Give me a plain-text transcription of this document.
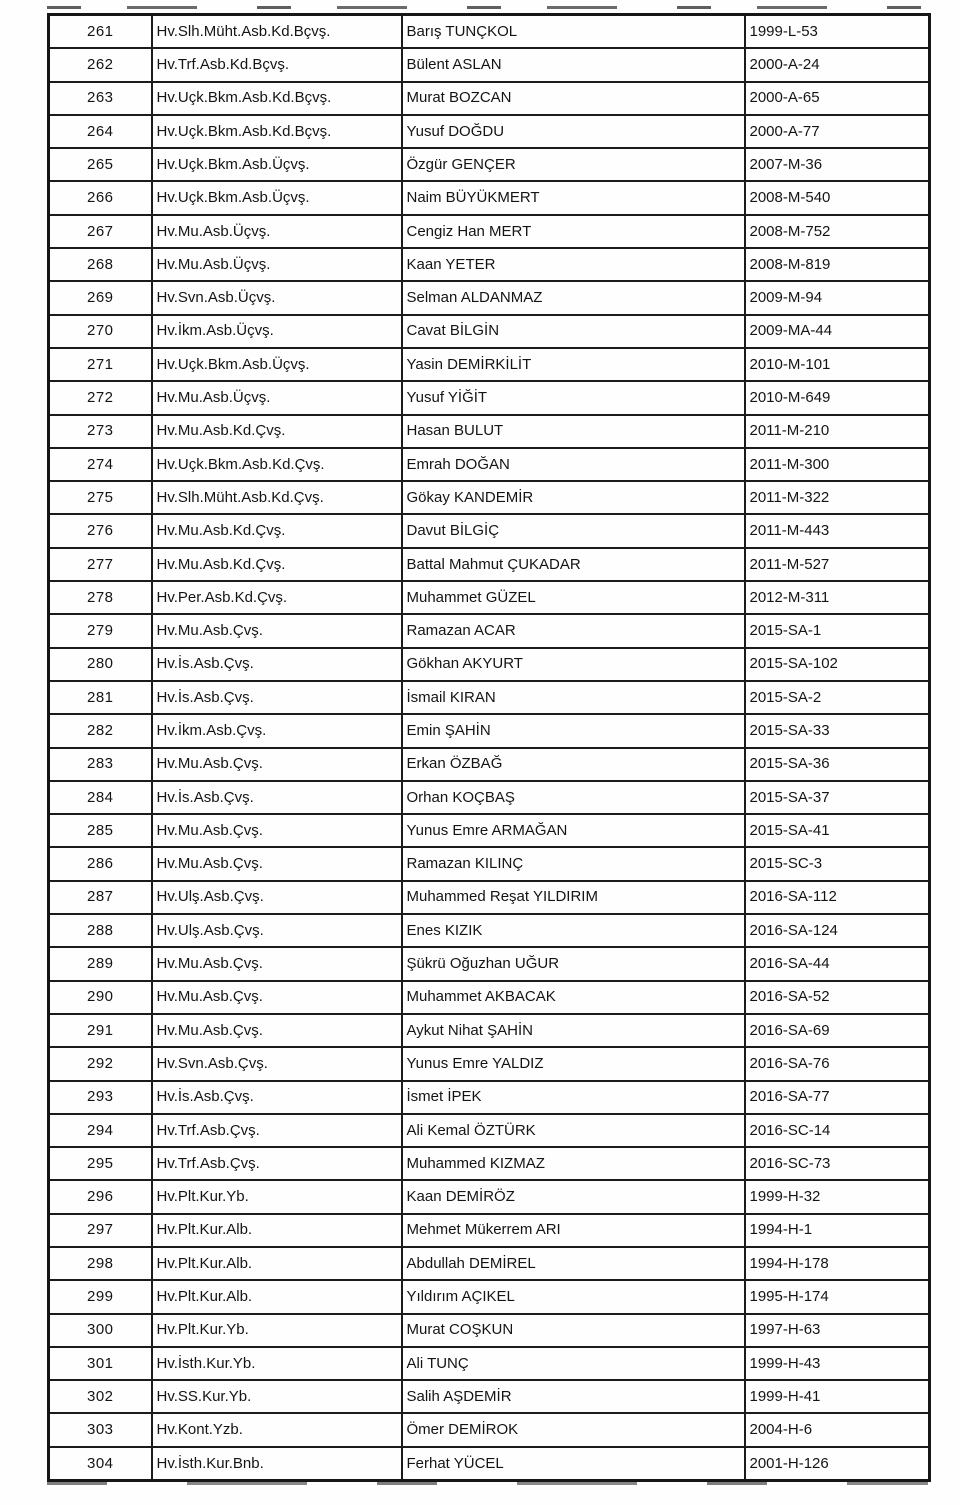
261	Hv.Slh.Müht.Asb.Kd.Bçvş.	Barış TUNÇKOL	1999-L-53
262	Hv.Trf.Asb.Kd.Bçvş.	Bülent ASLAN	2000-A-24
263	Hv.Uçk.Bkm.Asb.Kd.Bçvş.	Murat BOZCAN	2000-A-65
264	Hv.Uçk.Bkm.Asb.Kd.Bçvş.	Yusuf DOĞDU	2000-A-77
265	Hv.Uçk.Bkm.Asb.Üçvş.	Özgür GENÇER	2007-M-36
266	Hv.Uçk.Bkm.Asb.Üçvş.	Naim BÜYÜKMERT	2008-M-540
267	Hv.Mu.Asb.Üçvş.	Cengiz Han MERT	2008-M-752
268	Hv.Mu.Asb.Üçvş.	Kaan YETER	2008-M-819
269	Hv.Svn.Asb.Üçvş.	Selman ALDANMAZ	2009-M-94
270	Hv.İkm.Asb.Üçvş.	Cavat BİLGİN	2009-MA-44
271	Hv.Uçk.Bkm.Asb.Üçvş.	Yasin DEMİRKİLİT	2010-M-101
272	Hv.Mu.Asb.Üçvş.	Yusuf YİĞİT	2010-M-649
273	Hv.Mu.Asb.Kd.Çvş.	Hasan BULUT	2011-M-210
274	Hv.Uçk.Bkm.Asb.Kd.Çvş.	Emrah DOĞAN	2011-M-300
275	Hv.Slh.Müht.Asb.Kd.Çvş.	Gökay KANDEMİR	2011-M-322
276	Hv.Mu.Asb.Kd.Çvş.	Davut BİLGİÇ	2011-M-443
277	Hv.Mu.Asb.Kd.Çvş.	Battal Mahmut ÇUKADAR	2011-M-527
278	Hv.Per.Asb.Kd.Çvş.	Muhammet GÜZEL	2012-M-311
279	Hv.Mu.Asb.Çvş.	Ramazan ACAR	2015-SA-1
280	Hv.İs.Asb.Çvş.	Gökhan AKYURT	2015-SA-102
281	Hv.İs.Asb.Çvş.	İsmail KIRAN	2015-SA-2
282	Hv.İkm.Asb.Çvş.	Emin ŞAHİN	2015-SA-33
283	Hv.Mu.Asb.Çvş.	Erkan ÖZBAĞ	2015-SA-36
284	Hv.İs.Asb.Çvş.	Orhan KOÇBAŞ	2015-SA-37
285	Hv.Mu.Asb.Çvş.	Yunus Emre ARMAĞAN	2015-SA-41
286	Hv.Mu.Asb.Çvş.	Ramazan KILINÇ	2015-SC-3
287	Hv.Ulş.Asb.Çvş.	Muhammed Reşat YILDIRIM	2016-SA-112
288	Hv.Ulş.Asb.Çvş.	Enes KIZIK	2016-SA-124
289	Hv.Mu.Asb.Çvş.	Şükrü Oğuzhan UĞUR	2016-SA-44
290	Hv.Mu.Asb.Çvş.	Muhammet AKBACAK	2016-SA-52
291	Hv.Mu.Asb.Çvş.	Aykut Nihat ŞAHİN	2016-SA-69
292	Hv.Svn.Asb.Çvş.	Yunus Emre YALDIZ	2016-SA-76
293	Hv.İs.Asb.Çvş.	İsmet İPEK	2016-SA-77
294	Hv.Trf.Asb.Çvş.	Ali Kemal ÖZTÜRK	2016-SC-14
295	Hv.Trf.Asb.Çvş.	Muhammed KIZMAZ	2016-SC-73
296	Hv.Plt.Kur.Yb.	Kaan DEMİRÖZ	1999-H-32
297	Hv.Plt.Kur.Alb.	Mehmet Mükerrem ARI	1994-H-1
298	Hv.Plt.Kur.Alb.	Abdullah DEMİREL	1994-H-178
299	Hv.Plt.Kur.Alb.	Yıldırım AÇIKEL	1995-H-174
300	Hv.Plt.Kur.Yb.	Murat COŞKUN	1997-H-63
301	Hv.İsth.Kur.Yb.	Ali TUNÇ	1999-H-43
302	Hv.SS.Kur.Yb.	Salih AŞDEMİR	1999-H-41
303	Hv.Kont.Yzb.	Ömer DEMİROK	2004-H-6
304	Hv.İsth.Kur.Bnb.	Ferhat YÜCEL	2001-H-126
